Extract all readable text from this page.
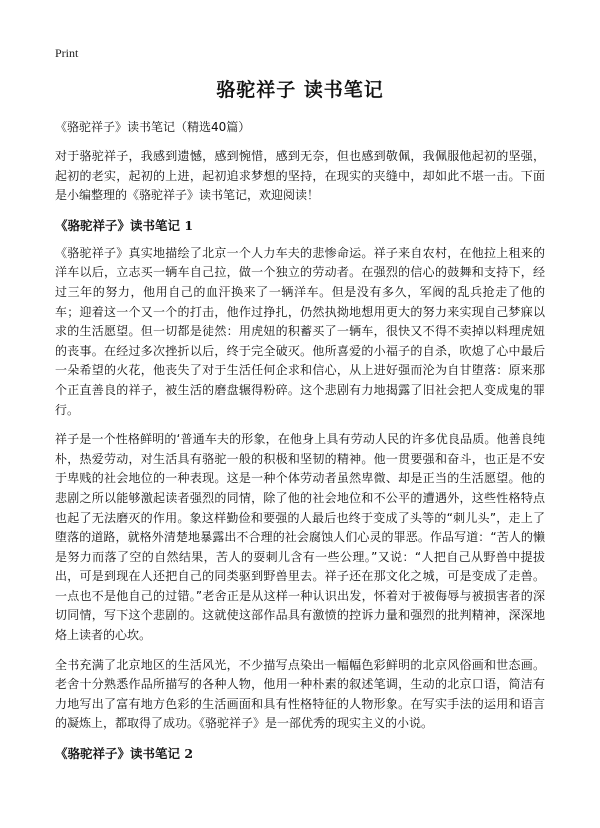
Print
骆驼祥子 读书笔记
《骆驼祥子》读书笔记（精选40篇）

对于骆驼祥子，我感到遗憾，感到惋惜，感到无奈，但也感到敬佩，我佩服他起初的坚强，起初的老实，起初的上进，起初追求梦想的坚持，在现实的夹缝中，却如此不堪一击。下面是小编整理的《骆驼祥子》读书笔记，欢迎阅读！

《骆驼祥子》读书笔记 1

《骆驼祥子》真实地描绘了北京一个人力车夫的悲惨命运。祥子来自农村，在他拉上租来的洋车以后，立志买一辆车自己拉，做一个独立的劳动者。在强烈的信心的鼓舞和支持下，经过三年的努力，他用自己的血汗换来了一辆洋车。但是没有多久，军阀的乱兵抢走了他的车；迎着这一个又一个的打击，他作过挣扎，仍然执拗地想用更大的努力来实现自己梦寐以求的生活愿望。但一切都是徒然：用虎妞的积蓄买了一辆车，很快又不得不卖掉以料理虎妞的丧事。在经过多次挫折以后，终于完全破灭。他所喜爱的小福子的自杀，吹熄了心中最后一朵希望的火花，他丧失了对于生活任何企求和信心，从上进好强而沦为自甘堕落：原来那个正直善良的祥子，被生活的磨盘辗得粉碎。这个悲剧有力地揭露了旧社会把人变成鬼的罪行。

祥子是一个性格鲜明的‘普通车夫的形象，在他身上具有劳动人民的许多优良品质。他善良纯朴，热爱劳动，对生活具有骆驼一般的积极和坚韧的精神。他一贯要强和奋斗，也正是不安于卑贱的社会地位的一种表现。这是一种个体劳动者虽然卑微、却是正当的生活愿望。他的悲剧之所以能够激起读者强烈的同情，除了他的社会地位和不公平的遭遇外，这些性格特点也起了无法磨灭的作用。象这样勤俭和要强的人最后也终于变成了头等的“刺儿头”，走上了堕落的道路，就格外清楚地暴露出不合理的社会腐蚀人们心灵的罪恶。作品写道：“苦人的懒是努力而落了空的自然结果，苦人的耍刺儿含有一些公理。”又说：“人把自己从野兽中提拔出，可是到现在人还把自己的同类驱到野兽里去。祥子还在那文化之城，可是变成了走兽。一点也不是他自己的过错。”老舍正是从这样一种认识出发，怀着对于被侮辱与被损害者的深切同情，写下这个悲剧的。这就使这部作品具有激愤的控诉力量和强烈的批判精神，深深地烙上读者的心坎。

全书充满了北京地区的生活风光，不少描写点染出一幅幅色彩鲜明的北京风俗画和世态画。老舍十分熟悉作品所描写的各种人物，他用一种朴素的叙述笔调，生动的北京口语，简洁有力地写出了富有地方色彩的生活画面和具有性格特征的人物形象。在写实手法的运用和语言的凝炼上，都取得了成功。《骆驼祥子》是一部优秀的现实主义的小说。

《骆驼祥子》读书笔记 2
